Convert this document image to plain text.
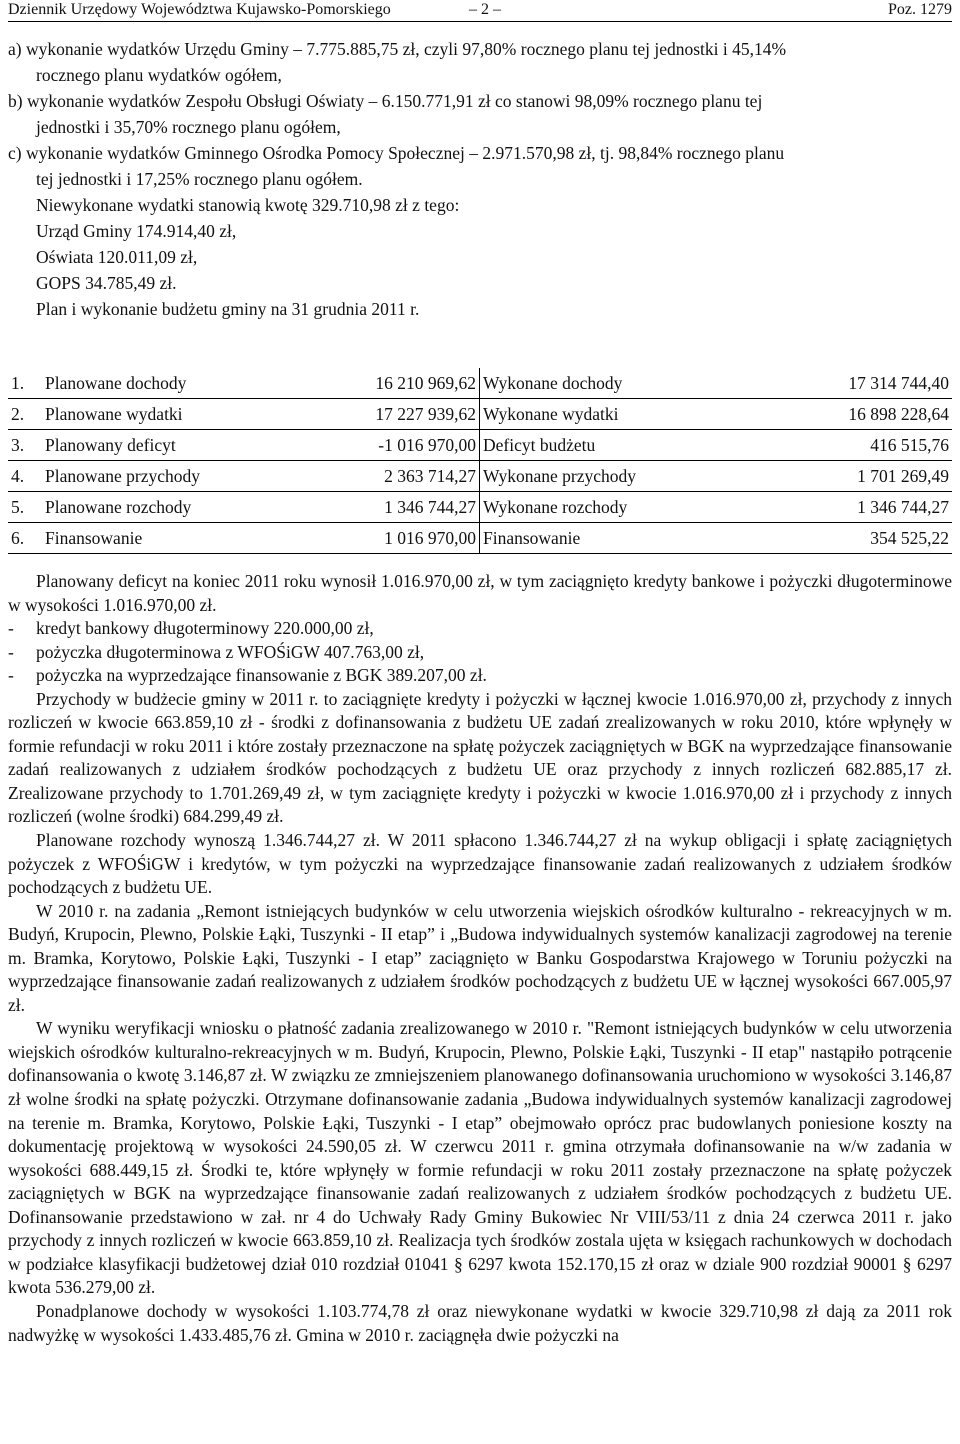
Dziennik Urzędowy Województwa Kujawsko-Pomorskiego	– 2 –	Poz. 1279

a) wykonanie wydatków Urzędu Gminy – 7.775.885,75 zł, czyli 97,80% rocznego planu tej jednostki i 45,14%

rocznego planu wydatków ogółem,

b) wykonanie wydatków Zespołu Obsługi Oświaty – 6.150.771,91 zł co stanowi 98,09% rocznego planu tej

jednostki i 35,70% rocznego planu ogółem,

c) wykonanie wydatków Gminnego Ośrodka Pomocy Społecznej – 2.971.570,98 zł, tj. 98,84% rocznego planu

tej jednostki i 17,25% rocznego planu ogółem.

Niewykonane wydatki stanowią kwotę 329.710,98 zł z tego:

Urząd Gminy 174.914,40 zł,

Oświata 120.011,09 zł,

GOPS 34.785,49 zł.

Plan i wykonanie budżetu gminy na 31 grudnia 2011 r.

1.	Planowane dochody	16 210 969,62	Wykonane dochody	17 314 744,40
2.	Planowane wydatki	17 227 939,62	Wykonane wydatki	16 898 228,64
3.	Planowany deficyt	-1 016 970,00	Deficyt budżetu	416 515,76
4.	Planowane przychody	2 363 714,27	Wykonane przychody	1 701 269,49
5.	Planowane rozchody	1 346 744,27	Wykonane rozchody	1 346 744,27
6.	Finansowanie	1 016 970,00	Finansowanie	354 525,22

Planowany deficyt na koniec 2011 roku wynosił 1.016.970,00 zł, w tym zaciągnięto kredyty bankowe i pożyczki długoterminowe w wysokości 1.016.970,00 zł.

- kredyt bankowy długoterminowy 220.000,00 zł,

- pożyczka długoterminowa z WFOŚiGW 407.763,00 zł,

- pożyczka na wyprzedzające finansowanie z BGK 389.207,00 zł.

Przychody w budżecie gminy w 2011 r. to zaciągnięte kredyty i pożyczki w łącznej kwocie 1.016.970,00 zł, przychody z innych rozliczeń w kwocie 663.859,10 zł - środki z dofinansowania z budżetu UE zadań zrealizowanych w roku 2010, które wpłynęły w formie refundacji w roku 2011 i które zostały przeznaczone na spłatę pożyczek zaciągniętych w BGK na wyprzedzające finansowanie zadań realizowanych z udziałem środków pochodzących z budżetu UE oraz przychody z innych rozliczeń 682.885,17 zł. Zrealizowane przychody to 1.701.269,49 zł, w tym zaciągnięte kredyty i pożyczki w kwocie 1.016.970,00 zł i przychody z innych rozliczeń (wolne środki) 684.299,49 zł.

Planowane rozchody wynoszą 1.346.744,27 zł. W 2011 spłacono 1.346.744,27 zł na wykup obligacji i spłatę zaciągniętych pożyczek z WFOŚiGW i kredytów, w tym pożyczki na wyprzedzające finansowanie zadań realizowanych z udziałem środków pochodzących z budżetu UE.

W 2010 r. na zadania „Remont istniejących budynków w celu utworzenia wiejskich ośrodków kulturalno - rekreacyjnych w m. Budyń, Krupocin, Plewno, Polskie Łąki, Tuszynki - II etap” i „Budowa indywidualnych systemów kanalizacji zagrodowej na terenie m. Bramka, Korytowo, Polskie Łąki, Tuszynki - I etap” zaciągnięto w Banku Gospodarstwa Krajowego w Toruniu pożyczki na wyprzedzające finansowanie zadań realizowanych z udziałem środków pochodzących z budżetu UE w łącznej wysokości 667.005,97 zł.

W wyniku weryfikacji wniosku o płatność zadania zrealizowanego w 2010 r. "Remont istniejących budynków w celu utworzenia wiejskich ośrodków kulturalno-rekreacyjnych w m. Budyń, Krupocin, Plewno, Polskie Łąki, Tuszynki - II etap" nastąpiło potrącenie dofinansowania o kwotę 3.146,87 zł. W związku ze zmniejszeniem planowanego dofinansowania uruchomiono w wysokości 3.146,87 zł wolne środki na spłatę pożyczki. Otrzymane dofinansowanie zadania „Budowa indywidualnych systemów kanalizacji zagrodowej na terenie m. Bramka, Korytowo, Polskie Łąki, Tuszynki - I etap” obejmowało oprócz prac budowlanych poniesione koszty na dokumentację projektową w wysokości 24.590,05 zł. W czerwcu 2011 r. gmina otrzymała dofinansowanie na w/w zadania w wysokości 688.449,15 zł. Środki te, które wpłynęły w formie refundacji w roku 2011 zostały przeznaczone na spłatę pożyczek zaciągniętych w BGK na wyprzedzające finansowanie zadań realizowanych z udziałem środków pochodzących z budżetu UE. Dofinansowanie przedstawiono w zał. nr 4 do Uchwały Rady Gminy Bukowiec Nr VIII/53/11 z dnia 24 czerwca 2011 r. jako przychody z innych rozliczeń w kwocie 663.859,10 zł. Realizacja tych środków zostala ujęta w księgach rachunkowych w dochodach w podziałce klasyfikacji budżetowej dział 010 rozdział 01041 § 6297 kwota 152.170,15 zł oraz w dziale 900 rozdział 90001 § 6297 kwota 536.279,00 zł.

Ponadplanowe dochody w wysokości 1.103.774,78 zł oraz niewykonane wydatki w kwocie 329.710,98 zł dają za 2011 rok nadwyżkę w wysokości 1.433.485,76 zł. Gmina w 2010 r. zaciągnęła dwie pożyczki na
